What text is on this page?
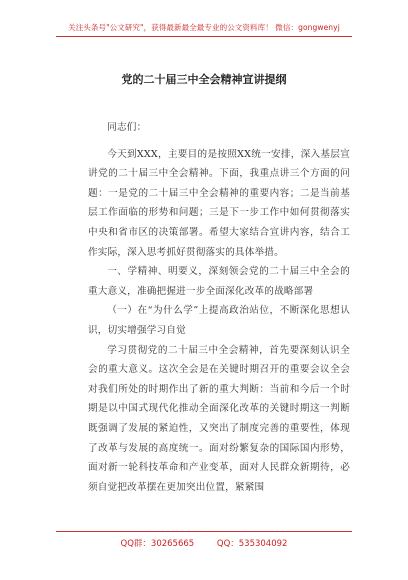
关注头条号"公文研究"，获得最新最全最专业的公文资料库！ 微信：gongwenyj
党的二十届三中全会精神宣讲提纲

同志们：

今天到XXX，主要目的是按照XX统一安排，深入基层宣讲党的二十届三中全会精神。下面，我重点讲三个方面的问题：一是党的二十届三中全会精神的重要内容；二是当前基层工作面临的形势和问题；三是下一步工作中如何贯彻落实中央和省市区的决策部署。希望大家结合宣讲内容，结合工作实际，深入思考抓好贯彻落实的具体举措。

一、学精神、明要义，深刻领会党的二十届三中全会的重大意义，准确把握进一步全面深化改革的战略部署

（一）在“为什么学”上提高政治站位，不断深化思想认识，切实增强学习自觉

学习贯彻党的二十届三中全会精神，首先要深刻认识全会的重大意义。这次全会是在关键时期召开的重要会议全会对我们所处的时期作出了新的重大判断：当前和今后一个时期是以中国式现代化推动全面深化改革的关键时期这一判断既强调了发展的紧迫性，又突出了制度完善的重要性，体现了改革与发展的高度统一。面对纷繁复杂的国际国内形势，面对新一轮科技革命和产业变革，面对人民群众新期待，必须自觉把改革摆在更加突出位置，紧紧围

QQ群：30265665	QQ：535304092
